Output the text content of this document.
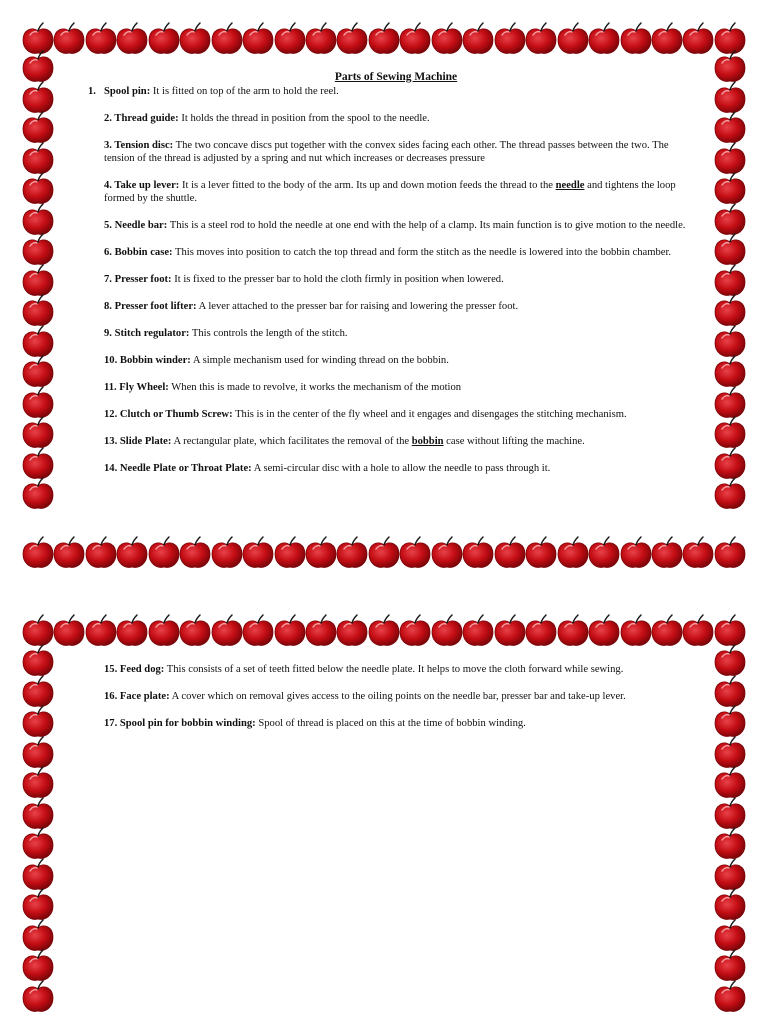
Parts of Sewing Machine
1. Spool pin: It is fitted on top of the arm to hold the reel.
2. Thread guide: It holds the thread in position from the spool to the needle.
3. Tension disc: The two concave discs put together with the convex sides facing each other. The thread passes between the two. The tension of the thread is adjusted by a spring and nut which increases or decreases pressure
4. Take up lever: It is a lever fitted to the body of the arm. Its up and down motion feeds the thread to the needle and tightens the loop formed by the shuttle.
5. Needle bar: This is a steel rod to hold the needle at one end with the help of a clamp. Its main function is to give motion to the needle.
6. Bobbin case: This moves into position to catch the top thread and form the stitch as the needle is lowered into the bobbin chamber.
7. Presser foot: It is fixed to the presser bar to hold the cloth firmly in position when lowered.
8. Presser foot lifter: A lever attached to the presser bar for raising and lowering the presser foot.
9. Stitch regulator: This controls the length of the stitch.
10. Bobbin winder: A simple mechanism used for winding thread on the bobbin.
11. Fly Wheel: When this is made to revolve, it works the mechanism of the motion
12. Clutch or Thumb Screw: This is in the center of the fly wheel and it engages and disengages the stitching mechanism.
13. Slide Plate: A rectangular plate, which facilitates the removal of the bobbin case without lifting the machine.
14. Needle Plate or Throat Plate: A semi-circular disc with a hole to allow the needle to pass through it.
15. Feed dog: This consists of a set of teeth fitted below the needle plate. It helps to move the cloth forward while sewing.
16. Face plate: A cover which on removal gives access to the oiling points on the needle bar, presser bar and take-up lever.
17. Spool pin for bobbin winding: Spool of thread is placed on this at the time of bobbin winding.
